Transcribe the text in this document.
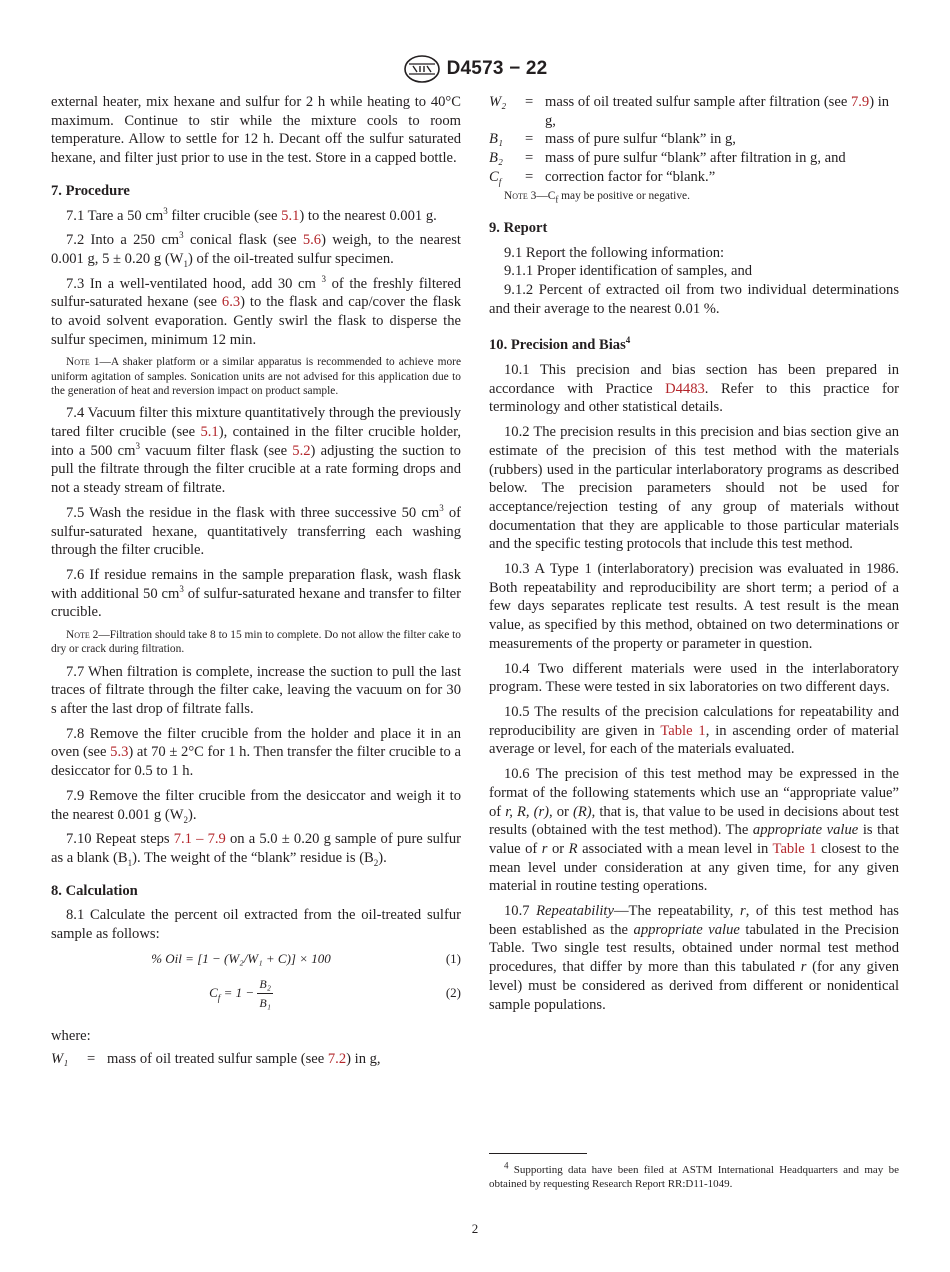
D4573 − 22

external heater, mix hexane and sulfur for 2 h while heating to 40°C maximum. Continue to stir while the mixture cools to room temperature. Allow to settle for 12 h. Decant off the sulfur saturated hexane, and filter just prior to use in the test. Store in a capped bottle.

7. Procedure

7.1 Tare a 50 $cm^3$ filter crucible (see 5.1) to the nearest 0.001 g.

7.2 Into a 250 $cm^3$ conical flask (see 5.6) weigh, to the nearest 0.001 g, 5 ± 0.20 g $(W_1)$ of the oil-treated sulfur specimen.

7.3 In a well-ventilated hood, add 30 cm $^3$ of the freshly filtered sulfur-saturated hexane (see 6.3) to the flask and cap/cover the flask to avoid solvent evaporation. Gently swirl the flask to disperse the sulfur specimen, minimum 12 min.

Note 1—A shaker platform or a similar apparatus is recommended to achieve more uniform agitation of samples. Sonication units are not advised for this application due to the generation of heat and reversion impact on product sample.

7.4 Vacuum filter this mixture quantitatively through the previously tared filter crucible (see 5.1), contained in the filter crucible holder, into a 500 $cm^3$ vacuum filter flask (see 5.2) adjusting the suction to pull the filtrate through the filter crucible at a rate forming drops and not a steady stream of filtrate.

7.5 Wash the residue in the flask with three successive 50 $cm^3$ of sulfur-saturated hexane, quantitatively transferring each washing through the filter crucible.

7.6 If residue remains in the sample preparation flask, wash flask with additional 50 $cm^3$ of sulfur-saturated hexane and transfer to filter crucible.

Note 2—Filtration should take 8 to 15 min to complete. Do not allow the filter cake to dry or crack during filtration.

7.7 When filtration is complete, increase the suction to pull the last traces of filtrate through the filter cake, leaving the vacuum on for 30 s after the last drop of filtrate falls.

7.8 Remove the filter crucible from the holder and place it in an oven (see 5.3) at 70 ± 2°C for 1 h. Then transfer the filter crucible to a desiccator for 0.5 to 1 h.

7.9 Remove the filter crucible from the desiccator and weigh it to the nearest 0.001 g $(W_2)$.

7.10 Repeat steps 7.1 – 7.9 on a 5.0 ± 0.20 g sample of pure sulfur as a blank $(B_1)$. The weight of the “blank” residue is $(B_2)$.

8. Calculation

8.1 Calculate the percent oil extracted from the oil-treated sulfur sample as follows:

% Oil = [1 − (W₂/W₁ + C)] × 100	(1)
$C_f = 1 - \frac{\text{B₂}}{\text{B₁}}$	(2)

where:

W₁	= mass of oil treated sulfur sample (see 7.2) in g,
W₂	= mass of oil treated sulfur sample after filtration (see 7.9) in g,
B₁	= mass of pure sulfur “blank” in g,
B₂	= mass of pure sulfur “blank” after filtration in g, and
$C_f$	= correction factor for “blank.”
Note $3—C_f$ may be positive or negative.
9. Report

9.1 Report the following information:

9.1.1 Proper identification of samples, and

9.1.2 Percent of extracted oil from two individual determinations and their average to the nearest 0.01 %.

10. Precision and Bias$^4$

10.1 This precision and bias section has been prepared in accordance with Practice D4483. Refer to this practice for terminology and other statistical details.

10.2 The precision results in this precision and bias section give an estimate of the precision of this test method with the materials (rubbers) used in the particular interlaboratory programs as described below. The precision parameters should not be used for acceptance/rejection testing of any group of materials without documentation that they are applicable to those particular materials and the specific testing protocols that include this test method.

10.3 A Type 1 (interlaboratory) precision was evaluated in 1986. Both repeatability and reproducibility are short term; a period of a few days separates replicate test results. A test result is the mean value, as specified by this method, obtained on two determinations or measurements of the property or parameter in question.

10.4 Two different materials were used in the interlaboratory program. These were tested in six laboratories on two different days.

10.5 The results of the precision calculations for repeatability and reproducibility are given in Table 1, in ascending order of material average or level, for each of the materials evaluated.

10.6 The precision of this test method may be expressed in the format of the following statements which use an “appropriate value” of r, R, (r), or (R), that is, that value to be used in decisions about test results (obtained with the test method). The appropriate value is that value of r or R associated with a mean level in Table 1 closest to the mean level under consideration at any given time, for any given material in routine testing operations.

10.7 Repeatability—The repeatability, r, of this test method has been established as the appropriate value tabulated in the Precision Table. Two single test results, obtained under normal test method procedures, that differ by more than this tabulated r (for any given level) must be considered as derived from different or nonidentical sample populations.

$^4$ Supporting data have been filed at ASTM International Headquarters and may be obtained by requesting Research Report RR:D11-1049.
2
